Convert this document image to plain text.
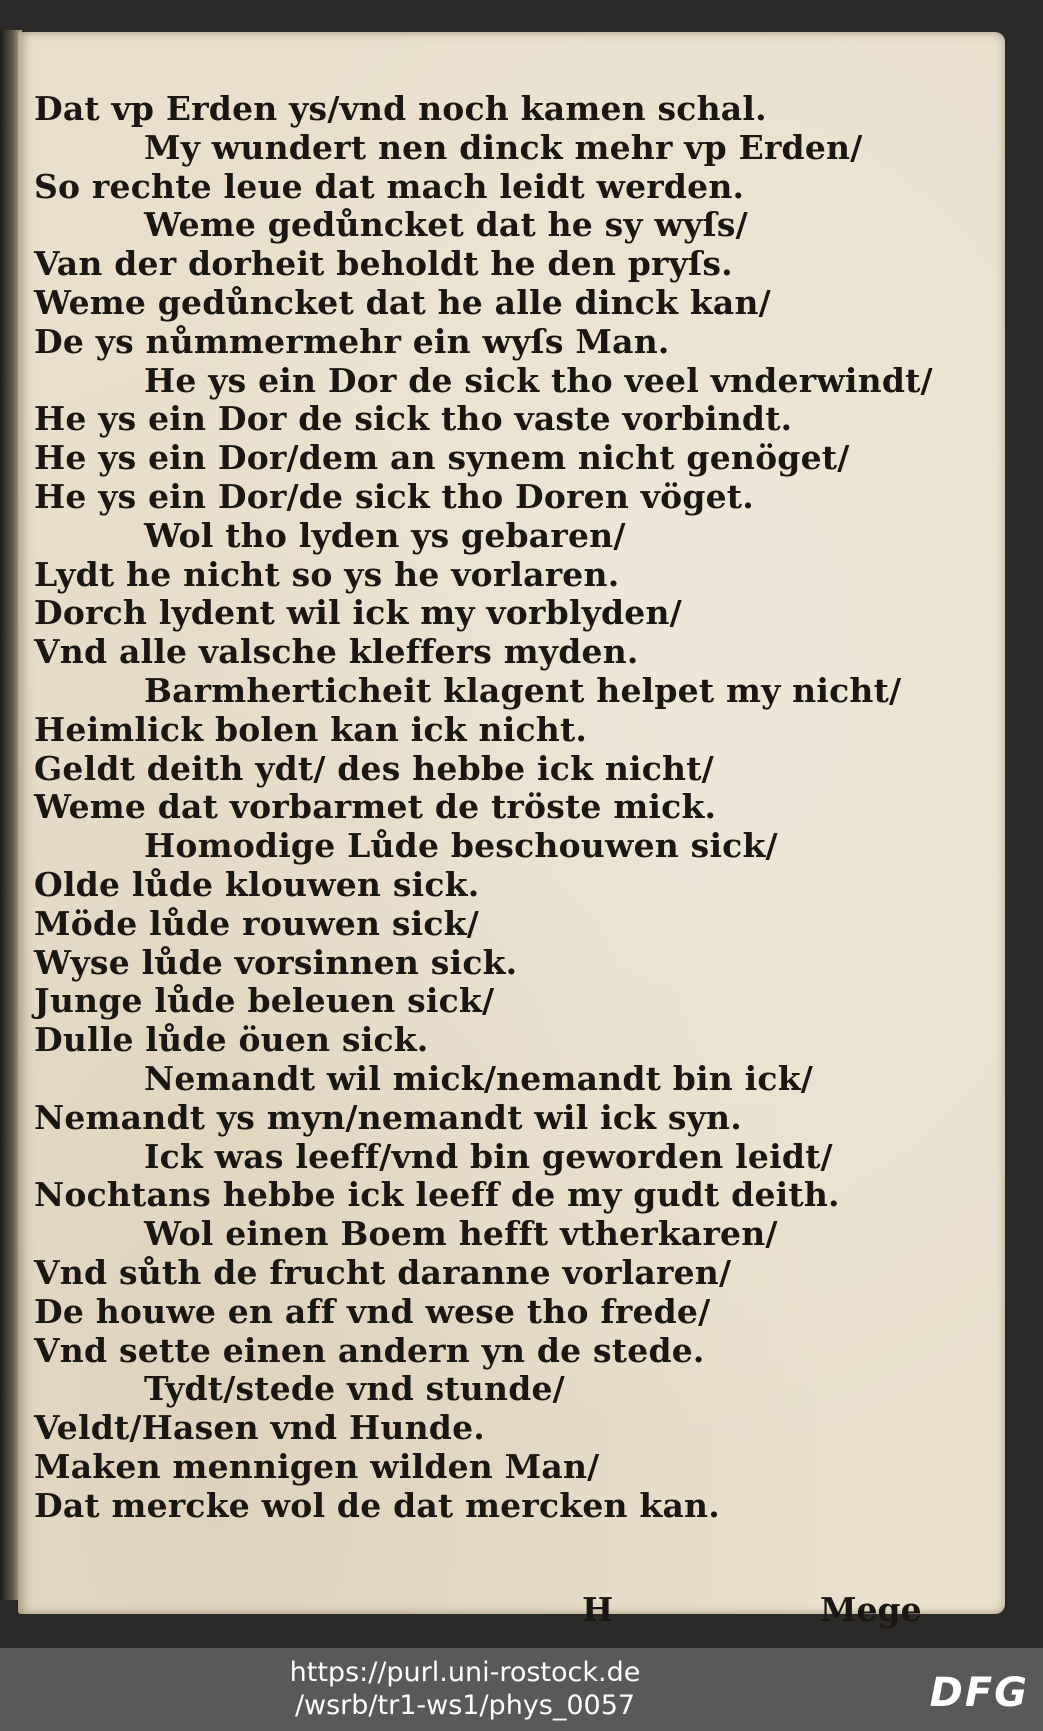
Dat vp Erden ys/vnd noch kamen schal.
My wundert nen dinck mehr vp Erden/
So rechte leue dat mach leidt werden.
Weme gedůncket dat he sy wyſs/
Van der dorheit beholdt he den pryſs.
Weme gedůncket dat he alle dinck kan/
De ys nůmmermehr ein wyſs Man.
He ys ein Dor de sick tho veel vnderwindt/
He ys ein Dor de sick tho vaste vorbindt.
He ys ein Dor/dem an synem nicht genöget/
He ys ein Dor/de sick tho Doren vöget.
Wol tho lyden ys gebaren/
Lydt he nicht so ys he vorlaren.
Dorch lydent wil ick my vorblyden/
Vnd alle valsche kleffers myden.
Barmhertichеit klagent helpet my nicht/
Heimlick bolen kan ick nicht.
Geldt deith ydt/ des hebbe ick nicht/
Weme dat vorbarmet de tröste mick.
Homodige Lůde beschouwen sick/
Olde lůde klouwen sick.
Möde lůde rouwen sick/
Wyse lůde vorsinnen sick.
Junge lůde beleuen sick/
Dulle lůde öuen sick.
Nemandt wil mick/nemandt bin ick/
Nemandt ys myn/nemandt wil ick syn.
Ick was leeff/vnd bin geworden leidt/
Nochtans hebbe ick leeff de my gudt deith.
Wol einen Boem hefft vtherkaren/
Vnd sůth de frucht daranne vorlaren/
De houwe en aff vnd wese tho frede/
Vnd sette einen andern yn de stede.
Tydt/stede vnd stunde/
Veldt/Hasen vnd Hunde.
Maken mennigen wilden Man/
Dat mercke wol de dat mercken kan.
H	Mege
https://purl.uni-rostock.de
/wsrb/tr1-ws1/phys_0057	DFG
